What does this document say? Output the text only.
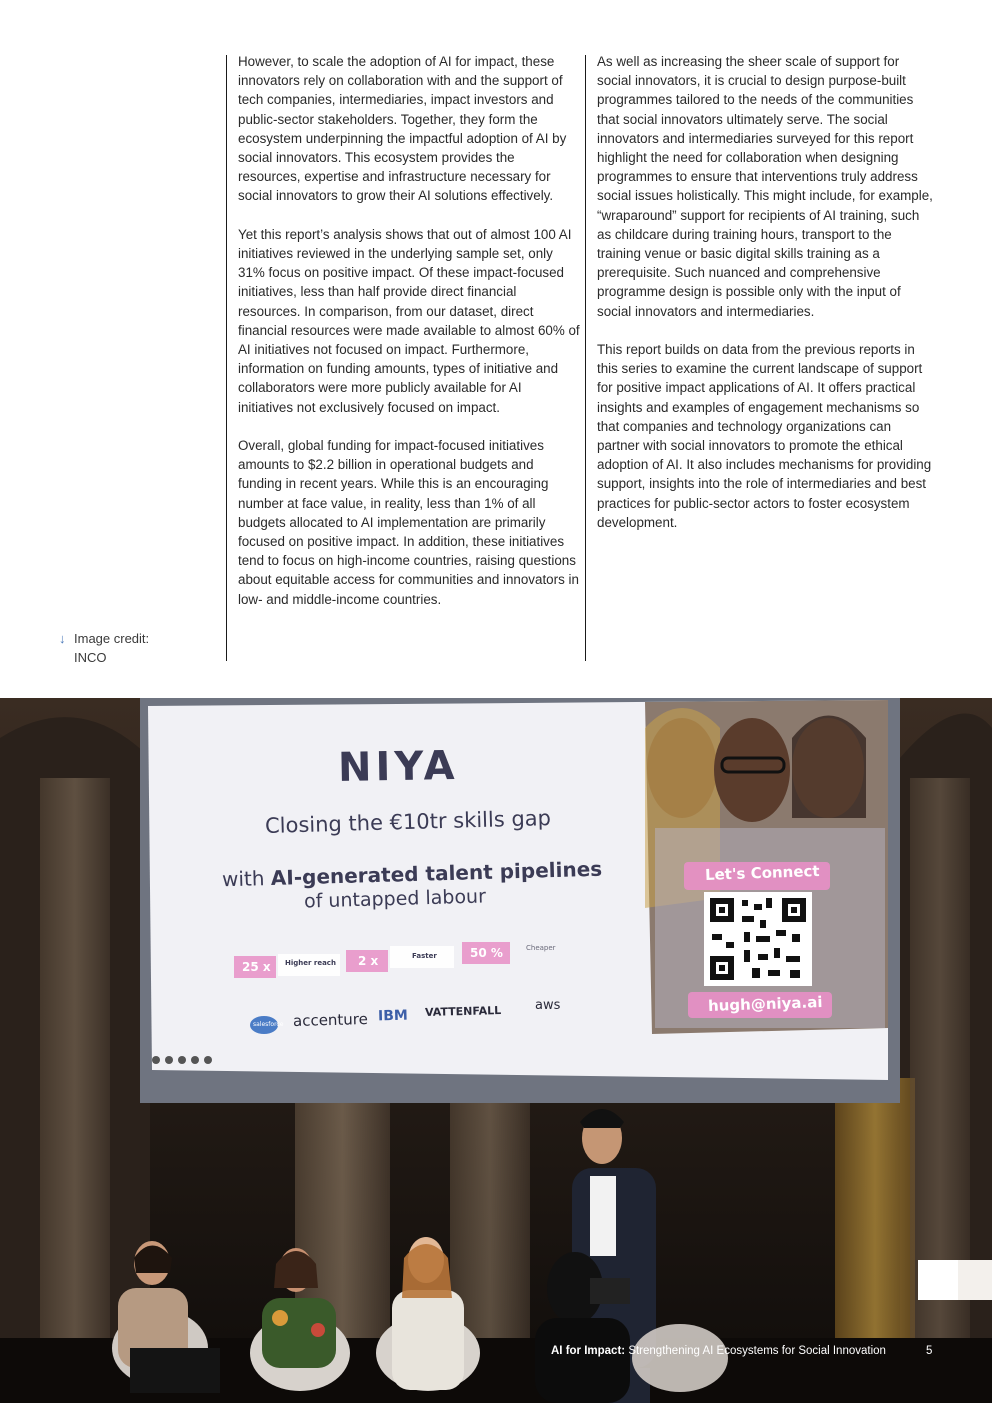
However, to scale the adoption of AI for impact, these innovators rely on collaboration with and the support of tech companies, intermediaries, impact investors and public-sector stakeholders. Together, they form the ecosystem underpinning the impactful adoption of AI by social innovators. This ecosystem provides the resources, expertise and infrastructure necessary for social innovators to grow their AI solutions effectively.

Yet this report’s analysis shows that out of almost 100 AI initiatives reviewed in the underlying sample set, only 31% focus on positive impact. Of these impact-focused initiatives, less than half provide direct financial resources. In comparison, from our dataset, direct financial resources were made available to almost 60% of AI initiatives not focused on impact. Furthermore, information on funding amounts, types of initiative and collaborators were more publicly available for AI initiatives not exclusively focused on impact.

Overall, global funding for impact-focused initiatives amounts to $2.2 billion in operational budgets and funding in recent years. While this is an encouraging number at face value, in reality, less than 1% of all budgets allocated to AI implementation are primarily focused on positive impact. In addition, these initiatives tend to focus on high-income countries, raising questions about equitable access for communities and innovators in low- and middle-income countries.

As well as increasing the sheer scale of support for social innovators, it is crucial to design purpose-built programmes tailored to the needs of the communities that social innovators ultimately serve. The social innovators and intermediaries surveyed for this report highlight the need for collaboration when designing programmes to ensure that interventions truly address social issues holistically. This might include, for example, “wraparound” support for recipients of AI training, such as childcare during training hours, transport to the training venue or basic digital skills training as a prerequisite. Such nuanced and comprehensive programme design is possible only with the input of social innovators and intermediaries.

This report builds on data from the previous reports in this series to examine the current landscape of support for positive impact applications of AI. It offers practical insights and examples of engagement mechanisms so that companies and technology organizations can partner with social innovators to promote the ethical adoption of AI. It also includes mechanisms for providing support, insights into the role of intermediaries and best practices for public-sector actors to foster ecosystem development.

↓ Image credit:
INCO
NIYA
Closing the €10tr skills gap
with AI-generated talent pipelines
of untapped labour
25 x Higher reach 2 x	Faster	50 %	Cheaper
salesforce accenture IBM VATTENFALL	aws
Let's Connect
hugh@niya.ai
AI for Impact: Strengthening AI Ecosystems for Social Innovation	5
